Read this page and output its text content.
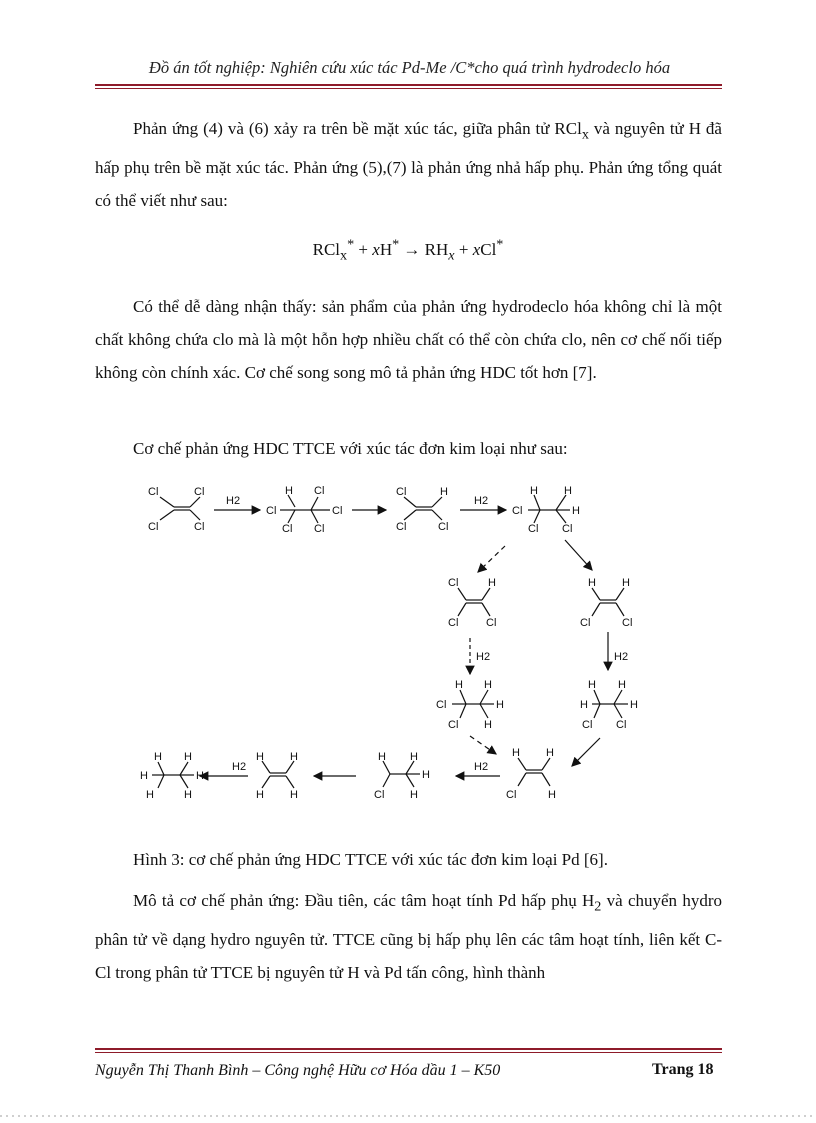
Đồ án tốt nghiệp: Nghiên cứu xúc tác Pd-Me /C*cho quá trình hydrodeclo hóa

Phản ứng (4) và (6) xảy ra trên bề mặt xúc tác, giữa phân tử RCl$_x$ và nguyên tử H đã hấp phụ trên bề mặt xúc tác. Phản ứng (5),(7) là phản ứng nhả hấp phụ. Phản ứng tổng quát có thể viết như sau:

$RCl_x^* + xH^* \to RH_x + xCl^*$

Có thể dễ dàng nhận thấy: sản phẩm của phản ứng hydrodeclo hóa không chỉ là một chất không chứa clo mà là một hỗn hợp nhiều chất có thể còn chứa clo, nên cơ chế nối tiếp không còn chính xác. Cơ chế song song mô tả phản ứng HDC tốt hơn [7].

Cơ chế phản ứng HDC TTCE với xúc tác đơn kim loại như sau:

Cl	Cl
Cl	Cl
H2
H
Cl
Cl
Cl
Cl
Cl
Cl	H
Cl	Cl
H2
H
Cl
Cl
H
H
Cl
Cl	H
Cl	Cl
H H
Cl	Cl
H2	H2
H H
Cl	H
Cl H
H H
H	H
Cl Cl
H H
Cl	H
H2
H H
H
Cl H
H H
H H
H2
H H
H	H
H	H
Hình 3: cơ chế phản ứng HDC TTCE với xúc tác đơn kim loại Pd [6].

Mô tả cơ chế phản ứng: Đầu tiên, các tâm hoạt tính Pd hấp phụ $H_2$ và chuyển hydro phân tử về dạng hydro nguyên tử. TTCE cũng bị hấp phụ lên các tâm hoạt tính, liên kết C-Cl trong phân tử TTCE bị nguyên tử H và Pd tấn công, hình thành

Nguyễn Thị Thanh Bình – Công nghệ Hữu cơ Hóa dầu 1 – K50	Trang 18
